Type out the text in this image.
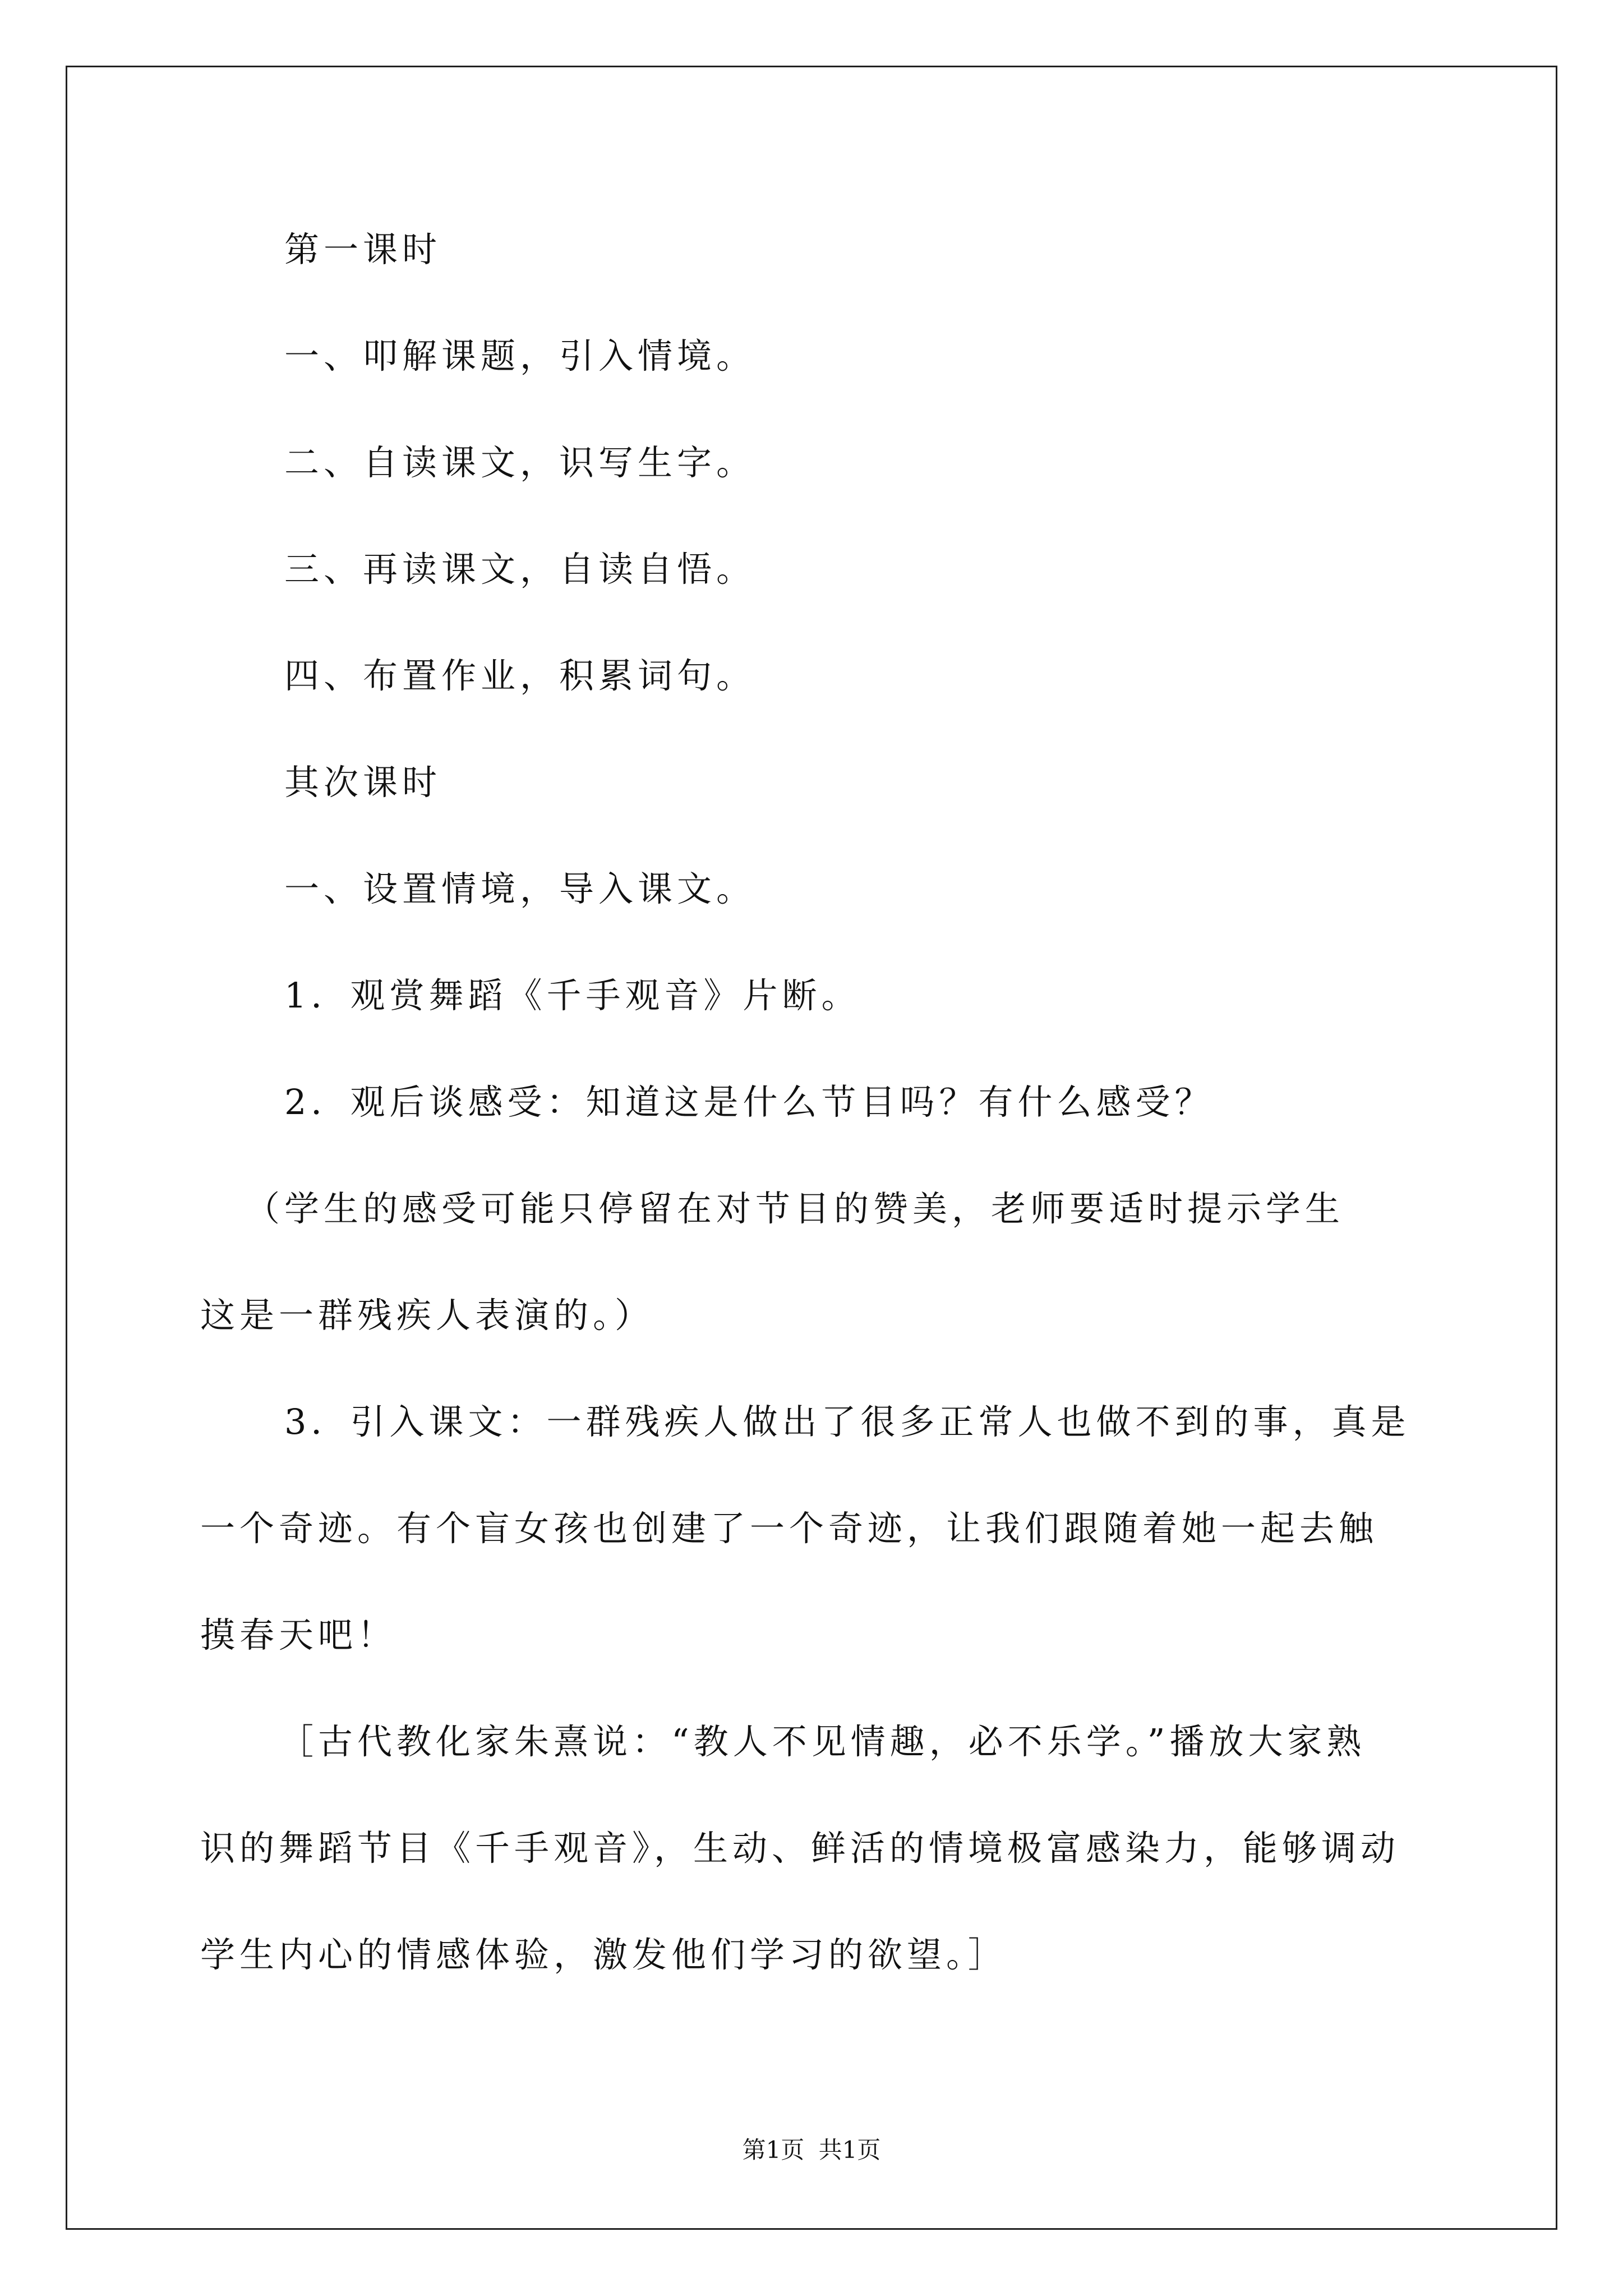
第一课时
一、叩解课题，引入情境。
二、自读课文，识写生字。
三、再读课文，自读自悟。
四、布置作业，积累词句。
其次课时
一、设置情境，导入课文。
1．观赏舞蹈《千手观音》片断。
2．观后谈感受：知道这是什么节目吗？有什么感受？
（学生的感受可能只停留在对节目的赞美，老师要适时提示学生
这是一群残疾人表演的。）
3．引入课文：一群残疾人做出了很多正常人也做不到的事，真是
一个奇迹。有个盲女孩也创建了一个奇迹，让我们跟随着她一起去触
摸春天吧！
［古代教化家朱熹说：“教人不见情趣，必不乐学。”播放大家熟
识的舞蹈节目《千手观音》，生动、鲜活的情境极富感染力，能够调动
学生内心的情感体验，激发他们学习的欲望。］
第1页 共1页
